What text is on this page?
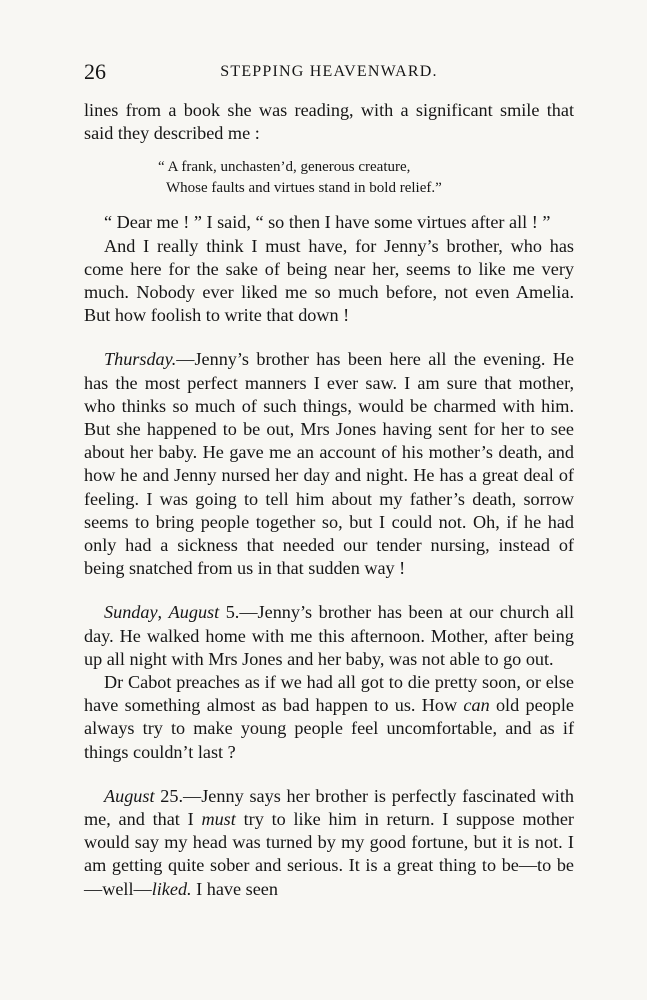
26	STEPPING HEAVENWARD.

lines from a book she was reading, with a significant smile that said they described me :

“ A frank, unchasten’d, generous creature,
Whose faults and virtues stand in bold relief.”

“ Dear me ! ” I said, “ so then I have some virtues after all ! ”

And I really think I must have, for Jenny’s brother, who has come here for the sake of being near her, seems to like me very much. Nobody ever liked me so much before, not even Amelia. But how foolish to write that down !

Thursday.—Jenny’s brother has been here all the evening. He has the most perfect manners I ever saw. I am sure that mother, who thinks so much of such things, would be charmed with him. But she happened to be out, Mrs Jones having sent for her to see about her baby. He gave me an account of his mother’s death, and how he and Jenny nursed her day and night. He has a great deal of feeling. I was going to tell him about my father’s death, sorrow seems to bring people together so, but I could not. Oh, if he had only had a sickness that needed our tender nursing, instead of being snatched from us in that sudden way !

Sunday, August 5.—Jenny’s brother has been at our church all day. He walked home with me this afternoon. Mother, after being up all night with Mrs Jones and her baby, was not able to go out.

Dr Cabot preaches as if we had all got to die pretty soon, or else have something almost as bad happen to us. How can old people always try to make young people feel uncomfortable, and as if things couldn’t last ?

August 25.—Jenny says her brother is perfectly fascinated with me, and that I must try to like him in return. I suppose mother would say my head was turned by my good fortune, but it is not. I am getting quite sober and serious. It is a great thing to be—to be—well—liked. I have seen
